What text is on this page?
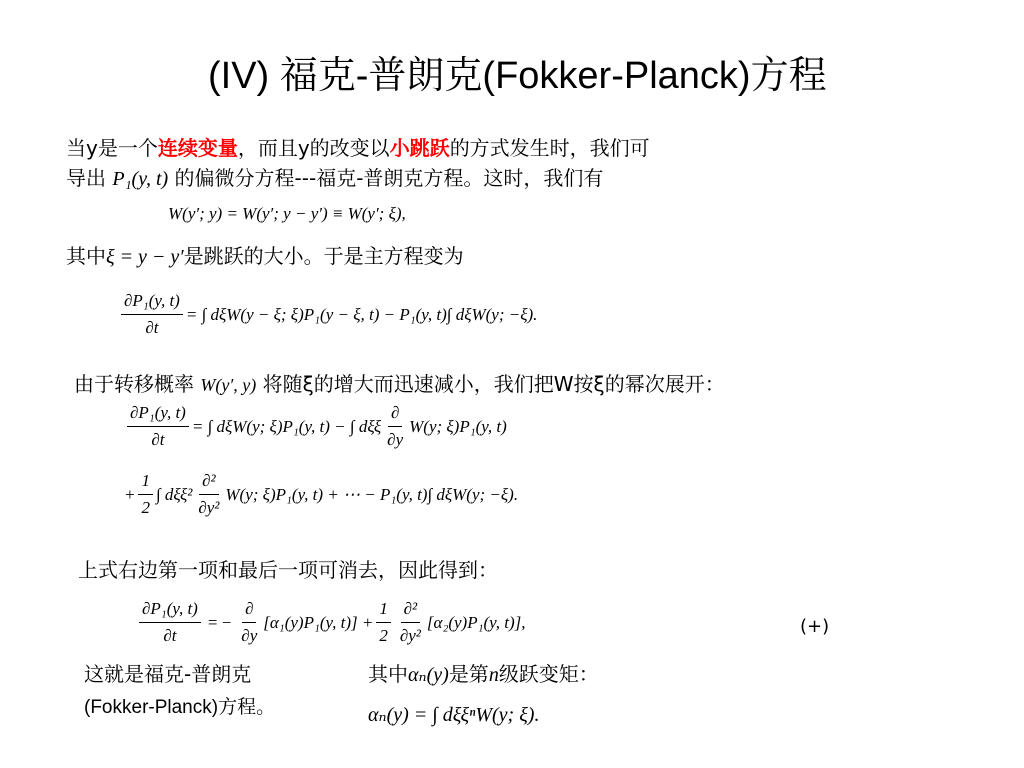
(IV) 福克-普朗克(Fokker-Planck)方程
当y是一个连续变量，而且y的改变以小跳跃的方式发生时，我们可
导出 P₁(y, t) 的偏微分方程---福克-普朗克方程。这时，我们有
W(y′; y) = W(y′; y − y′) ≡ W(y′; ξ),
其中ξ = y − y′是跳跃的大小。于是主方程变为
$\frac{\text{∂P₁(y, t)}}{\partial t}$ = ∫ dξW(y − ξ; ξ)P₁(y − ξ, t) − P₁(y, t)∫ dξW(y; −ξ).
由于转移概率 W(y′, y) 将随ξ的增大而迅速减小，我们把W按ξ的幂次展开：
$\frac{\text{∂P₁(y, t)}}{\partial t}$ = ∫ dξW(y; ξ)P₁(y, t) − ∫ dξξ $\frac{\partial}{\partial y} W(y$; ξ)P₁(y, t)
+ $\frac{1}{2}$ ∫ $d\xi\xi^2 \frac{\text{∂²}}{\text{∂y²}} W(y$; ξ)P₁(y, t) + ⋯ − P₁(y, t)∫ dξW(y; −ξ).
上式右边第一项和最后一项可消去，因此得到：
$\frac{\text{∂P₁(y, t)}}{\partial t}$ = − $\frac{\partial}{\partial y} [\alpha_1(y)P_1(y$, $t)] + \frac{1}{2} \frac{\text{∂²}}{\text{∂y²}} [\alpha_2(y)P_1(y$, t)],	(+)
这就是福克-普朗克
(Fokker-Planck)方程。
其中αₙ(y)是第n级跃变矩：
αₙ(y) = ∫ dξξⁿW(y; ξ).
